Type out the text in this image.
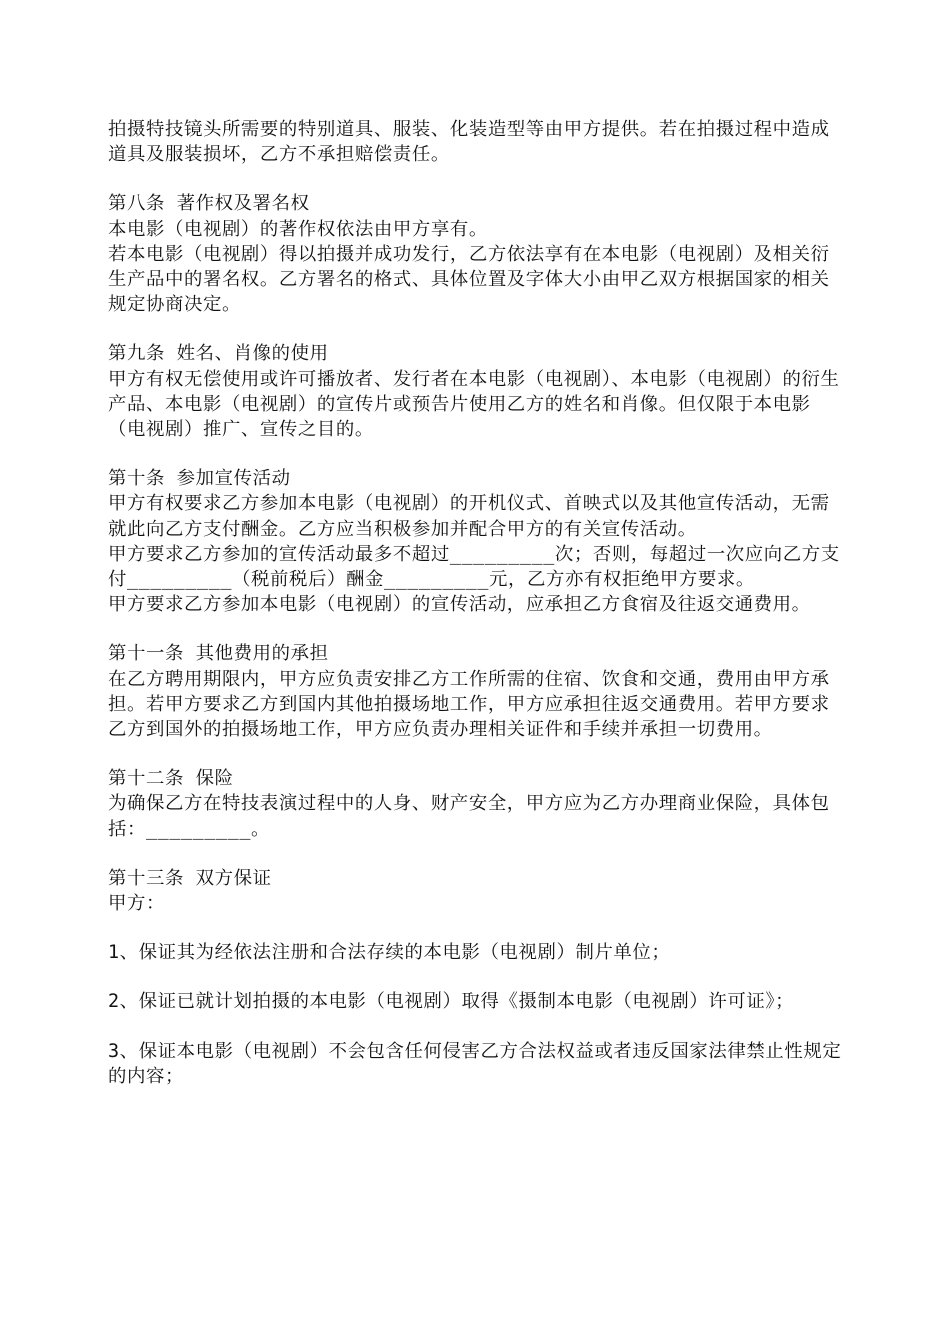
拍摄特技镜头所需要的特别道具、服装、化装造型等由甲方提供。若在拍摄过程中造成道具及服装损坏，乙方不承担赔偿责任。

第八条 著作权及署名权

本电影（电视剧）的著作权依法由甲方享有。

若本电影（电视剧）得以拍摄并成功发行，乙方依法享有在本电影（电视剧）及相关衍生产品中的署名权。乙方署名的格式、具体位置及字体大小由甲乙双方根据国家的相关规定协商决定。

第九条 姓名、肖像的使用

甲方有权无偿使用或许可播放者、发行者在本电影（电视剧）、本电影（电视剧）的衍生产品、本电影（电视剧）的宣传片或预告片使用乙方的姓名和肖像。但仅限于本电影（电视剧）推广、宣传之目的。

第十条 参加宣传活动

甲方有权要求乙方参加本电影（电视剧）的开机仪式、首映式以及其他宣传活动，无需就此向乙方支付酬金。乙方应当积极参加并配合甲方的有关宣传活动。

甲方要求乙方参加的宣传活动最多不超过_________次；否则，每超过一次应向乙方支付_________（税前税后）酬金_________元，乙方亦有权拒绝甲方要求。

甲方要求乙方参加本电影（电视剧）的宣传活动，应承担乙方食宿及往返交通费用。

第十一条 其他费用的承担

在乙方聘用期限内，甲方应负责安排乙方工作所需的住宿、饮食和交通，费用由甲方承担。若甲方要求乙方到国内其他拍摄场地工作，甲方应承担往返交通费用。若甲方要求乙方到国外的拍摄场地工作，甲方应负责办理相关证件和手续并承担一切费用。

第十二条 保险

为确保乙方在特技表演过程中的人身、财产安全，甲方应为乙方办理商业保险，具体包括：_________。

第十三条 双方保证

甲方：

1、保证其为经依法注册和合法存续的本电影（电视剧）制片单位；

2、保证已就计划拍摄的本电影（电视剧）取得《摄制本电影（电视剧）许可证》；

3、保证本电影（电视剧）不会包含任何侵害乙方合法权益或者违反国家法律禁止性规定的内容；
